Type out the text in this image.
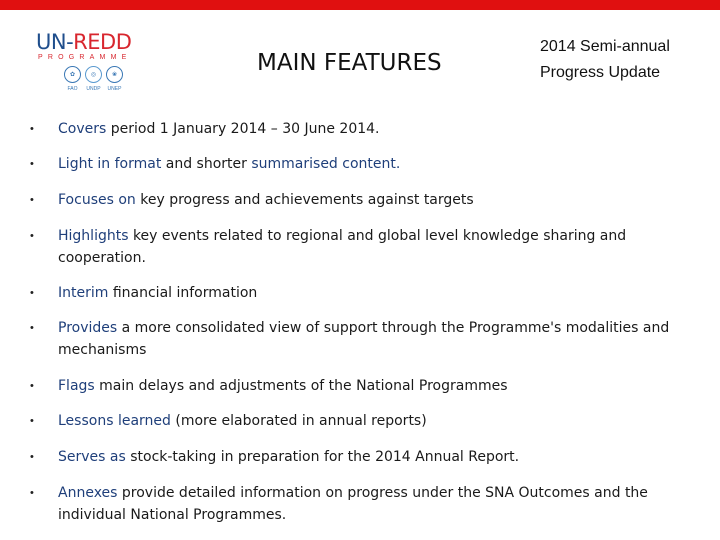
UN-REDD
PROGRAMME
✿
FAO
◎
UNDP
❀
UNEP
MAIN FEATURES
2014 Semi-annual
Progress Update
• Covers period 1 January 2014 – 30 June 2014.
• Light in format and shorter summarised content.
• Focuses on key progress and achievements against targets
• Highlights key events related to regional and global level knowledge sharing and cooperation.
• Interim financial information
• Provides a more consolidated view of support through the Programme's modalities and mechanisms
• Flags main delays and adjustments of the National Programmes
• Lessons learned (more elaborated in annual reports)
• Serves as stock-taking in preparation for the 2014 Annual Report.
• Annexes provide detailed information on progress under the SNA Outcomes and the individual National Programmes.
